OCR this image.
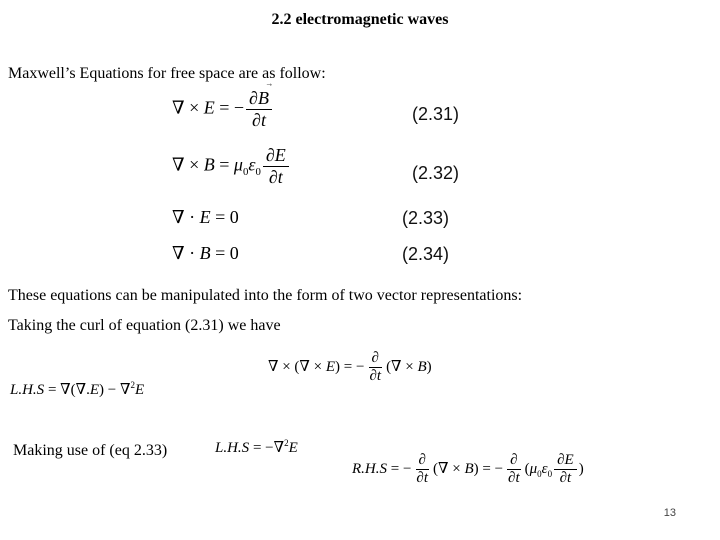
2.2 electromagnetic waves
Maxwell’s Equations for free space are as follow:
∇ × E = − $\frac{\partial B}{\partial t}$	(2.31)
∇ × $B = \mu_0\varepsilon_0 \frac{\partial E}{\partial t}$	(2.32)
∇ · E = 0	(2.33)
∇ · B = 0	(2.34)
These equations can be manipulated into the form of two vector representations:
Taking the curl of equation (2.31) we have
∇ × (∇ × E) = − $\frac{\partial}{\partial t}$ (∇ × B)
L.H.S = ∇(∇.E) − ∇$^2$E
Making use of (eq 2.33)	L.H.S = −∇$^2$E
R.H.S = − $\frac{\partial}{\partial t}$ (∇ × B) = − $\frac{\partial}{\partial t} (\mu_0\varepsilon_0 \frac{\partial E}{\partial t}$ )
13
